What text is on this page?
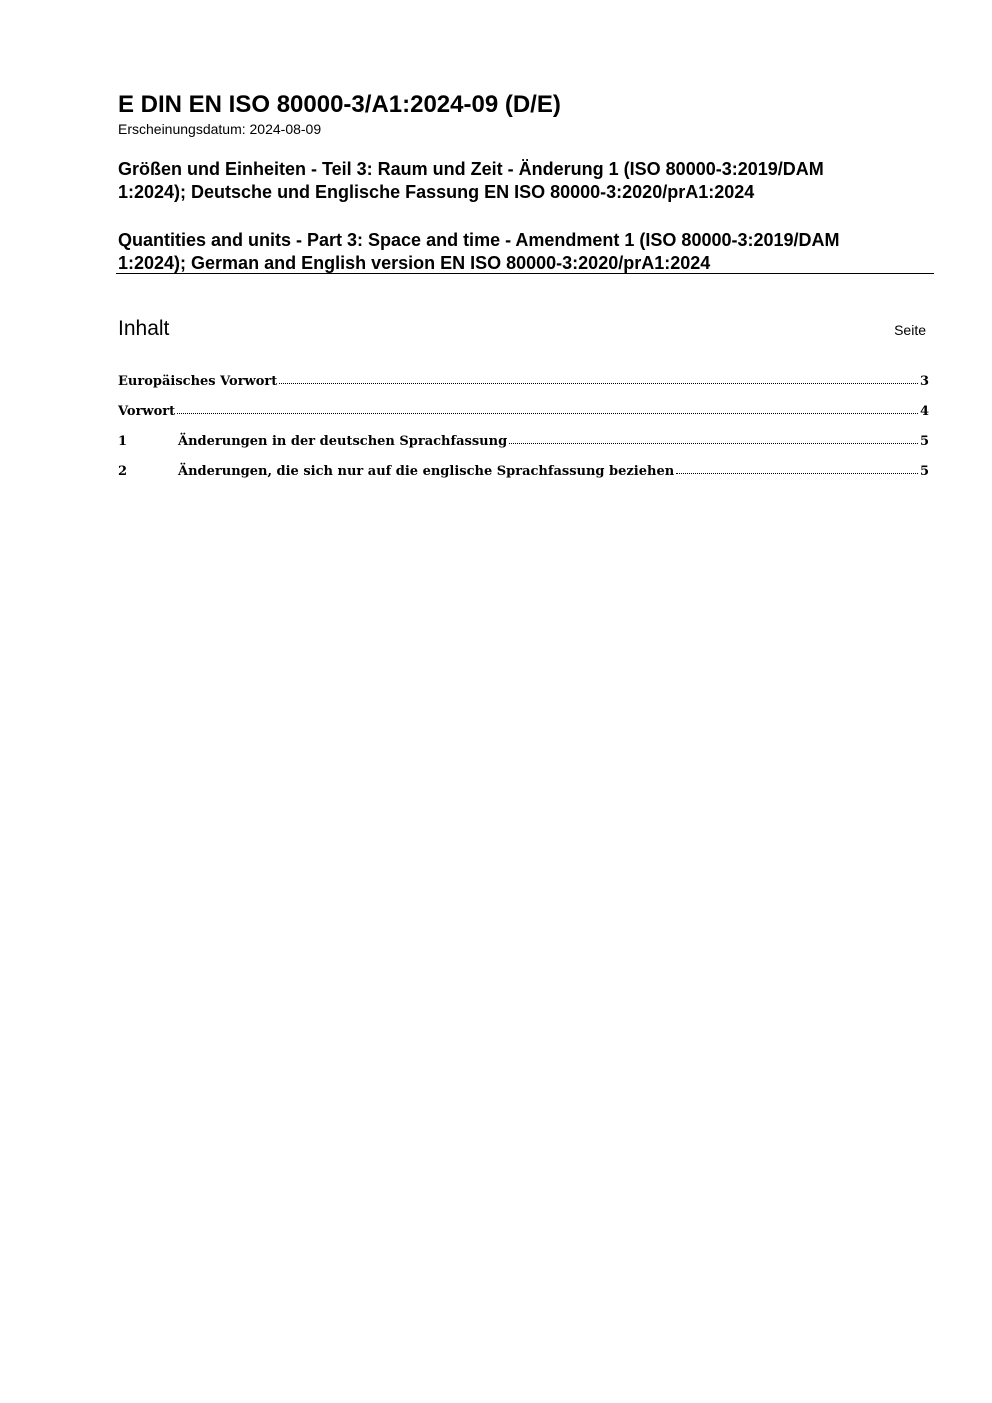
E DIN EN ISO 80000-3/A1:2024-09 (D/E)

Erscheinungsdatum: 2024-08-09

Größen und Einheiten - Teil 3: Raum und Zeit - Änderung 1 (ISO 80000-3:2019/DAM
1:2024); Deutsche und Englische Fassung EN ISO 80000-3:2020/prA1:2024
Quantities and units - Part 3: Space and time - Amendment 1 (ISO 80000-3:2019/DAM
1:2024); German and English version EN ISO 80000-3:2020/prA1:2024
Inhalt	Seite
Europäisches Vorwort	3
Vorwort	4
1	Änderungen in der deutschen Sprachfassung	5
2	Änderungen, die sich nur auf die englische Sprachfassung beziehen	5
